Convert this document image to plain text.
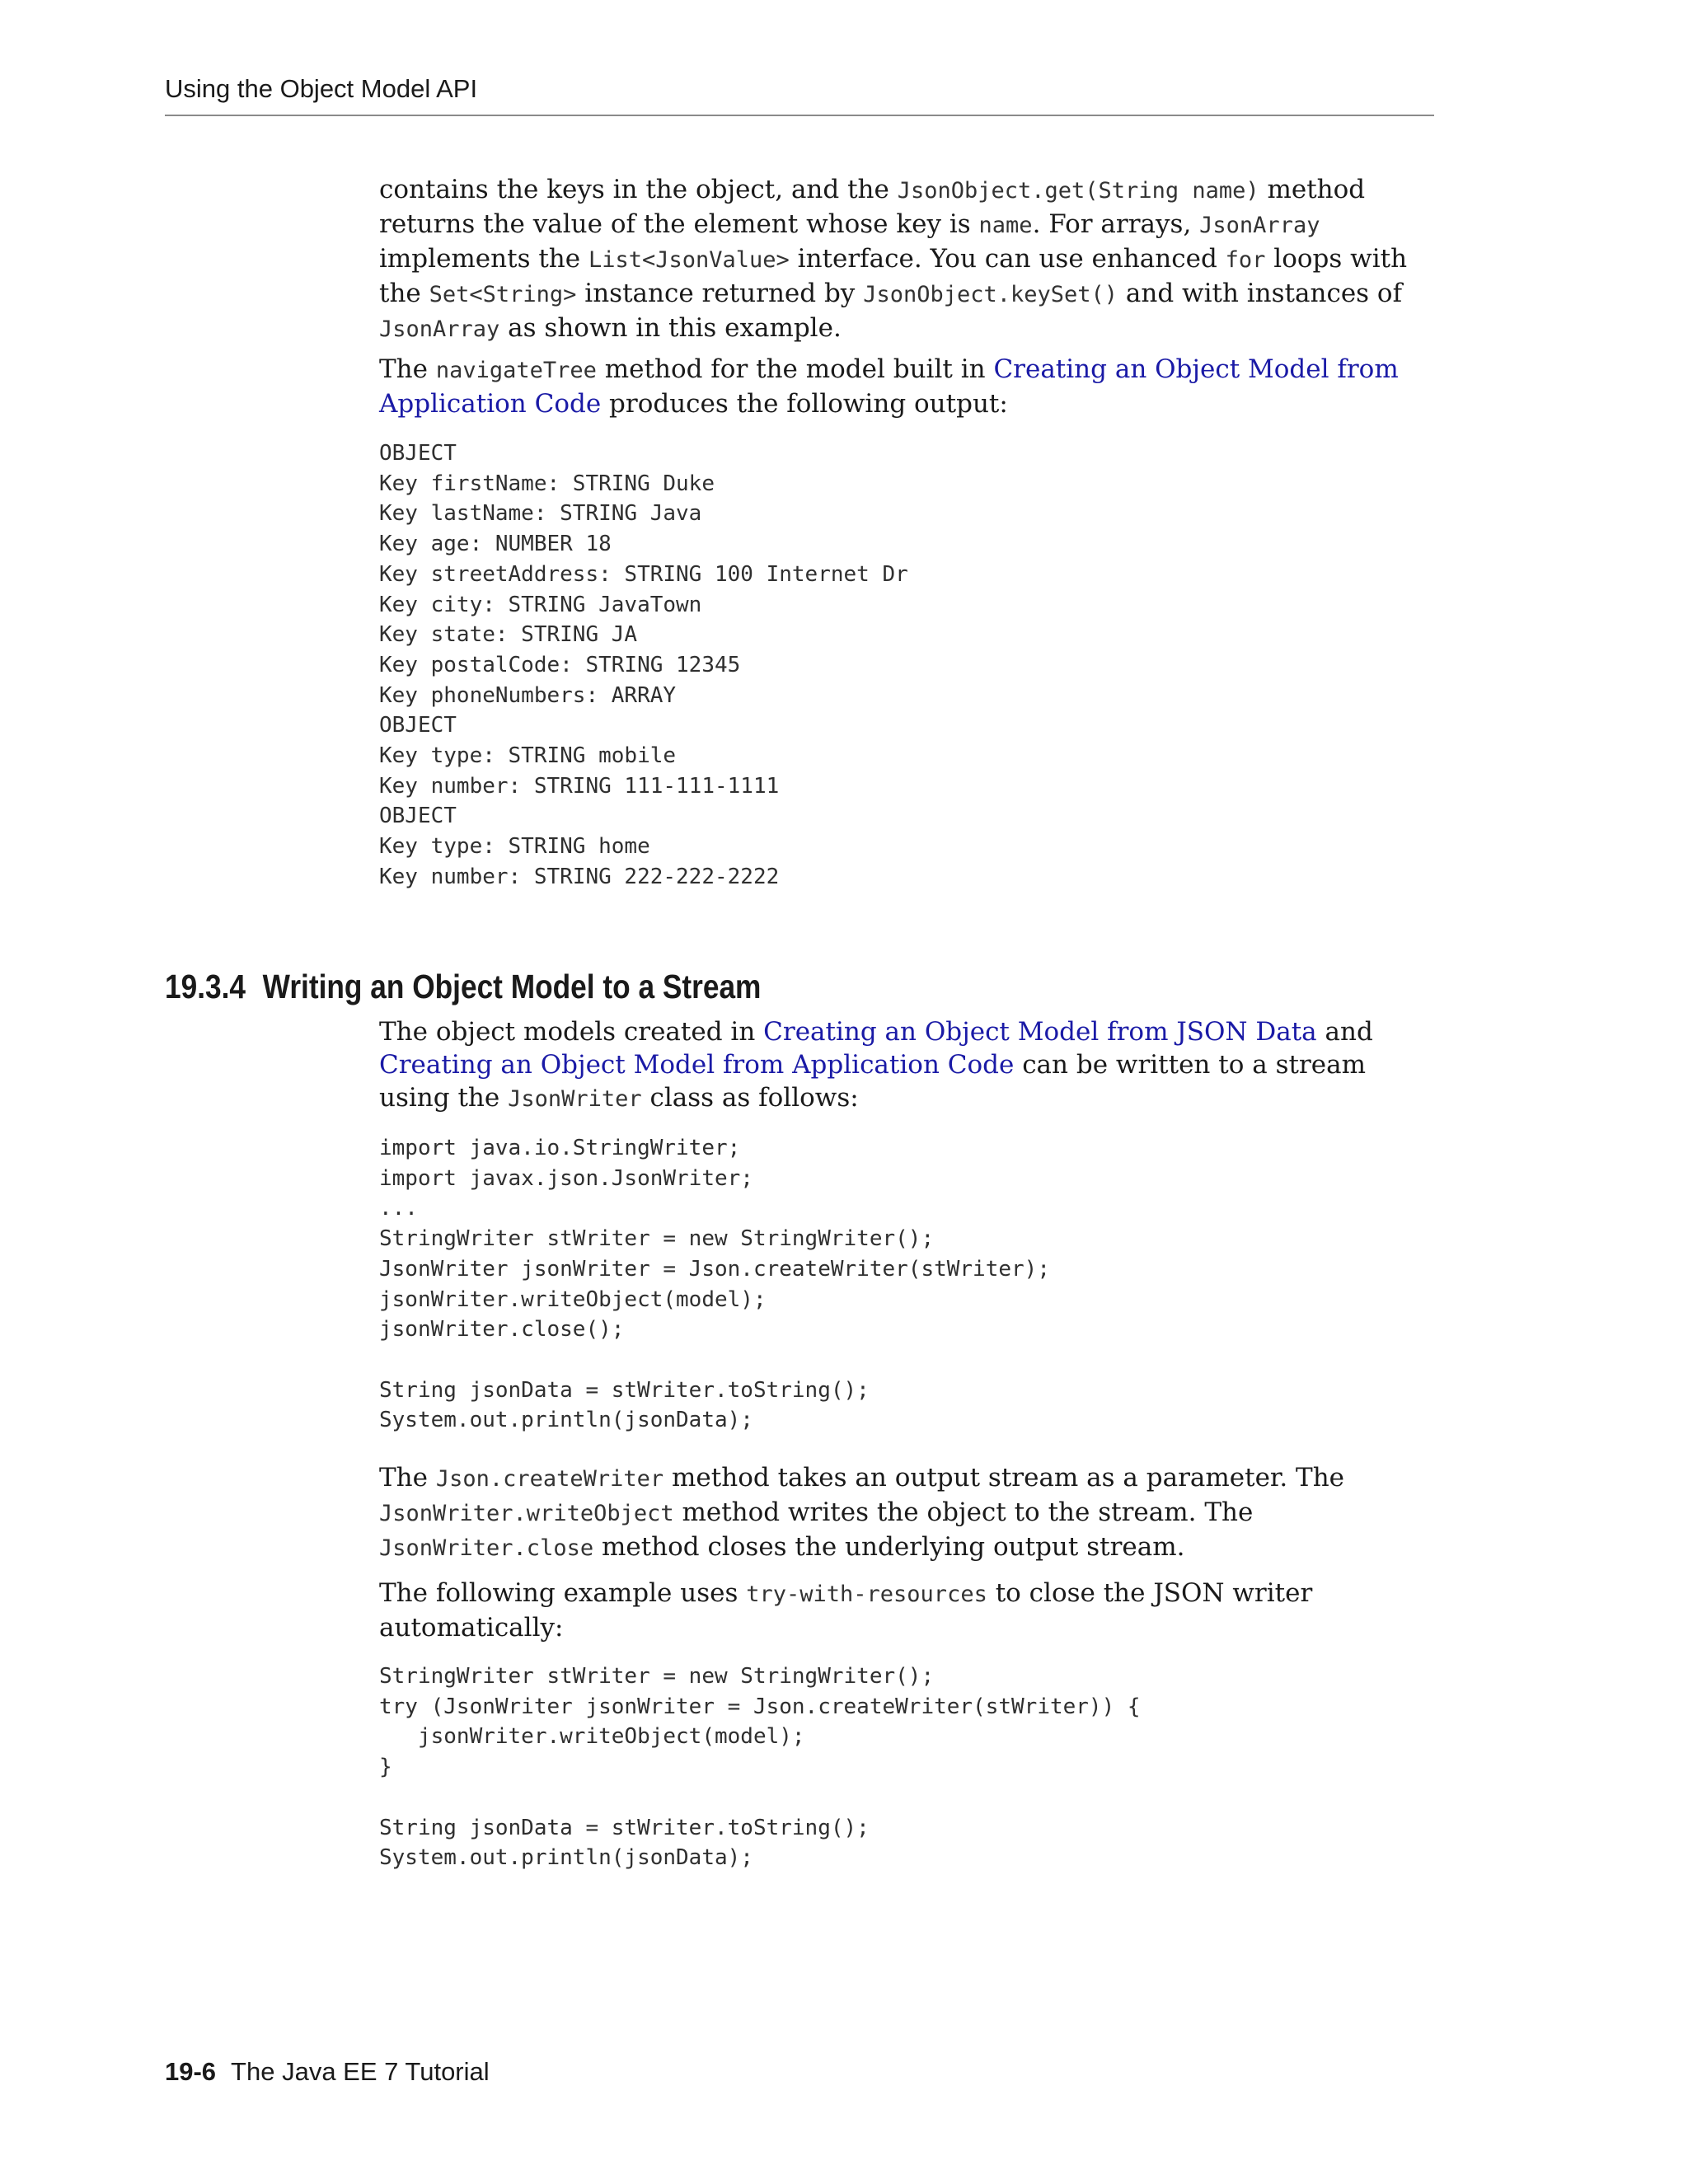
Using the Object Model API

contains the keys in the object, and the JsonObject.get(String name) method returns the value of the element whose key is name. For arrays, JsonArray implements the List<JsonValue> interface. You can use enhanced for loops with the Set<String> instance returned by JsonObject.keySet() and with instances of JsonArray as shown in this example.

The navigateTree method for the model built in Creating an Object Model from Application Code produces the following output:

OBJECT
Key firstName: STRING Duke
Key lastName: STRING Java
Key age: NUMBER 18
Key streetAddress: STRING 100 Internet Dr
Key city: STRING JavaTown
Key state: STRING JA
Key postalCode: STRING 12345
Key phoneNumbers: ARRAY
OBJECT
Key type: STRING mobile
Key number: STRING 111-111-1111
OBJECT
Key type: STRING home
Key number: STRING 222-222-2222
19.3.4 Writing an Object Model to a Stream

The object models created in Creating an Object Model from JSON Data and Creating an Object Model from Application Code can be written to a stream using the JsonWriter class as follows:

import java.io.StringWriter;
import javax.json.JsonWriter;
...
StringWriter stWriter = new StringWriter();
JsonWriter jsonWriter = Json.createWriter(stWriter);
jsonWriter.writeObject(model);
jsonWriter.close();

String jsonData = stWriter.toString();
System.out.println(jsonData);

The Json.createWriter method takes an output stream as a parameter. The JsonWriter.writeObject method writes the object to the stream. The JsonWriter.close method closes the underlying output stream.

The following example uses try-with-resources to close the JSON writer automatically:

StringWriter stWriter = new StringWriter();
try (JsonWriter jsonWriter = Json.createWriter(stWriter)) {
jsonWriter.writeObject(model);
}

String jsonData = stWriter.toString();
System.out.println(jsonData);
19-6 The Java EE 7 Tutorial
